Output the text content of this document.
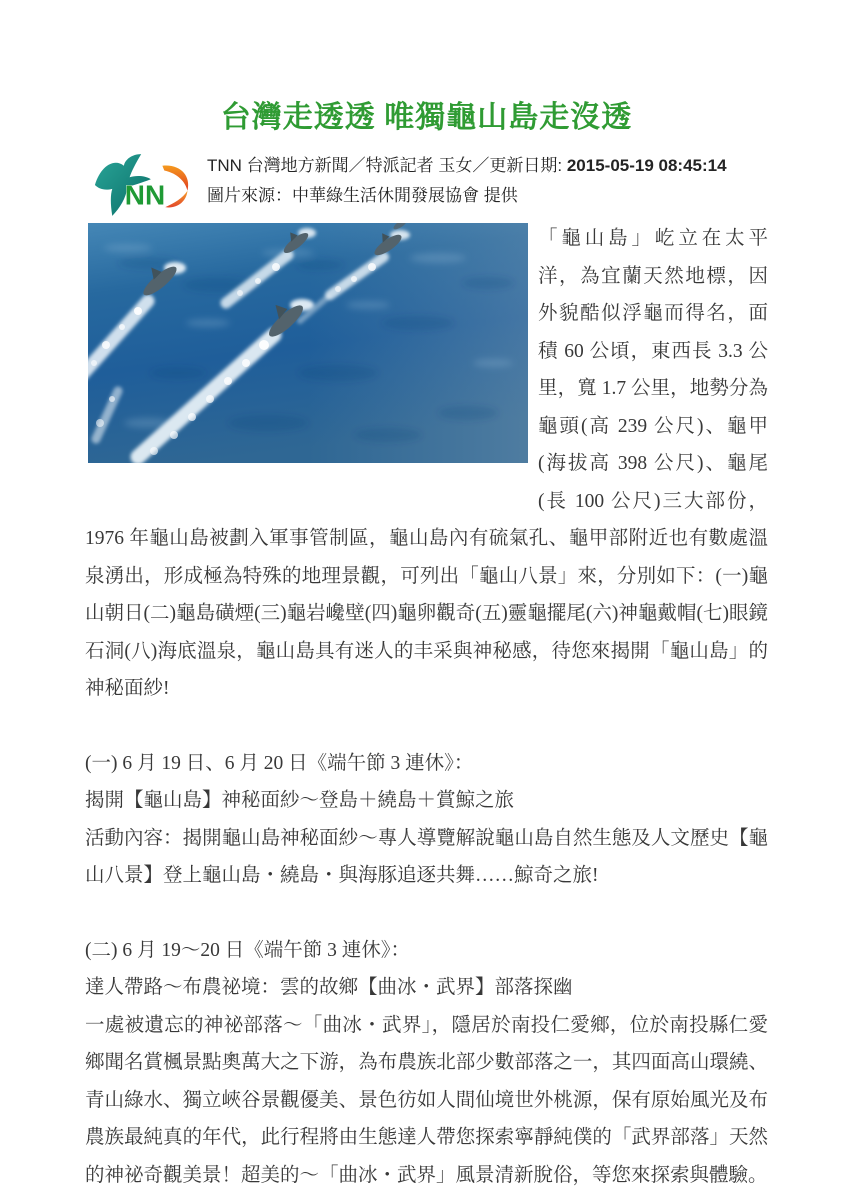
台灣走透透 唯獨龜山島走沒透
NN
TNN 台灣地方新聞／特派記者 玉女／更新日期: 2015-05-19 08:45:14
圖片來源：中華綠生活休閒發展協會 提供

「龜山島」屹立在太平洋，為宜蘭天然地標，因外貌酷似浮龜而得名，面積 60 公頃，東西長 3.3 公里，寬 1.7 公里，地勢分為龜頭(高 239 公尺)、龜甲(海拔高 398 公尺)、龜尾(長 100 公尺)三大部份，1976 年龜山島被劃入軍事管制區，龜山島內有硫氣孔、龜甲部附近也有數處溫泉湧出，形成極為特殊的地理景觀，可列出「龜山八景」來，分別如下：(一)龜山朝日(二)龜島磺煙(三)龜岩巉壁(四)龜卵觀奇(五)靈龜擺尾(六)神龜戴帽(七)眼鏡石洞(八)海底溫泉，龜山島具有迷人的丰采與神秘感，待您來揭開「龜山島」的神秘面紗!

(一) 6 月 19 日、6 月 20 日《端午節 3 連休》：

揭開【龜山島】神秘面紗～登島＋繞島＋賞鯨之旅

活動內容：揭開龜山島神秘面紗～專人導覽解說龜山島自然生態及人文歷史【龜山八景】登上龜山島・繞島・與海豚追逐共舞……鯨奇之旅!

(二) 6 月 19～20 日《端午節 3 連休》：

達人帶路～布農祕境：雲的故鄉【曲冰・武界】部落探幽

一處被遺忘的神祕部落～「曲冰・武界」，隱居於南投仁愛鄉，位於南投縣仁愛鄉聞名賞楓景點奧萬大之下游，為布農族北部少數部落之一，其四面高山環繞、青山綠水、獨立峽谷景觀優美、景色彷如人間仙境世外桃源，保有原始風光及布農族最純真的年代，此行程將由生態達人帶您探索寧靜純僕的「武界部落」天然的神祕奇觀美景！超美的～「曲冰・武界」風景清新脫俗，等您來探索與體驗。
